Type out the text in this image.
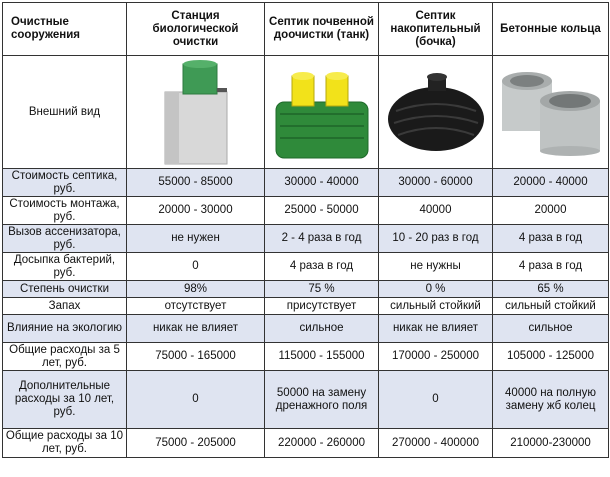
Очистные сооружения	Станция биологической очистки	Септик почвенной доочистки (танк)	Септик накопительный (бочка)	Бетонные кольца
Внешний вид	

Стоимость септика, руб.	55000 - 85000	30000 - 40000	30000 - 60000	20000 - 40000
Стоимость монтажа, руб.	20000 - 30000	25000 - 50000	40000	20000
Вызов ассенизатора, руб.	не нужен	2 - 4 раза в год	10 - 20 раз в год	4 раза в год
Досыпка бактерий, руб.	0	4 раза в год	не нужны	4 раза в год
Степень очистки	98%	75 %	0 %	65 %
Запах	отсутствует	присутствует	сильный стойкий	сильный стойкий
Влияние на экологию	никак не влияет	сильное	никак не влияет	сильное
Общие расходы за 5 лет, руб.	75000 - 165000	115000 - 155000	170000 - 250000	105000 - 125000
Дополнительные расходы за 10 лет, руб.	0	50000 на замену дренажного поля	0	40000 на полную замену жб колец
Общие расходы за 10 лет, руб.	75000 - 205000	220000 - 260000	270000 - 400000	210000-230000
